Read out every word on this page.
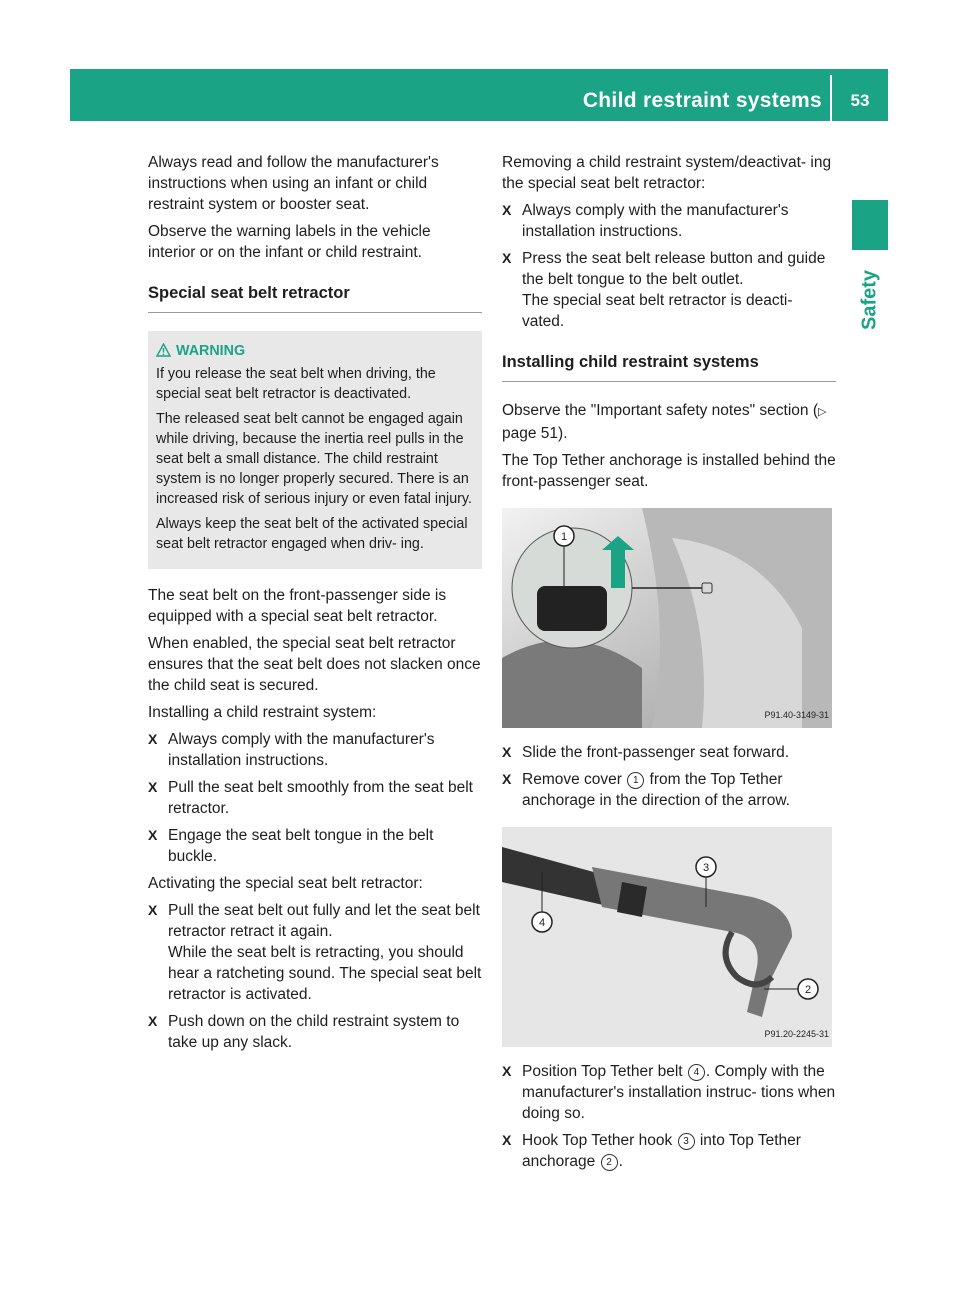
Child restraint systems	53
Safety

Always read and follow the manufacturer's instructions when using an infant or child restraint system or booster seat.

Observe the warning labels in the vehicle interior or on the infant or child restraint.

Special seat belt retractor
WARNING

If you release the seat belt when driving, the special seat belt retractor is deactivated.

The released seat belt cannot be engaged again while driving, because the inertia reel pulls in the seat belt a small distance. The child restraint system is no longer properly secured. There is an increased risk of serious injury or even fatal injury.

Always keep the seat belt of the activated special seat belt retractor engaged when driv- ing.

The seat belt on the front-passenger side is equipped with a special seat belt retractor.

When enabled, the special seat belt retractor ensures that the seat belt does not slacken once the child seat is secured.

Installing a child restraint system:

X Always comply with the manufacturer's installation instructions.
X Pull the seat belt smoothly from the seat belt retractor.
X Engage the seat belt tongue in the belt buckle.

Activating the special seat belt retractor:

X Pull the seat belt out fully and let the seat belt retractor retract it again.
While the seat belt is retracting, you should hear a ratcheting sound. The special seat belt retractor is activated.
X Push down on the child restraint system to take up any slack.

Removing a child restraint system/deactivat- ing the special seat belt retractor:

X Always comply with the manufacturer's installation instructions.
X Press the seat belt release button and guide the belt tongue to the belt outlet.
The special seat belt retractor is deacti- vated.
Installing child restraint systems

Observe the "Important safety notes" section (▷ page 51).

The Top Tether anchorage is installed behind the front-passenger seat.

1
P91.40-3149-31
X Slide the front-passenger seat forward.
X Remove cover 1 from the Top Tether anchorage in the direction of the arrow.
4
3
2
P91.20-2245-31
X Position Top Tether belt 4 . Comply with the manufacturer's installation instruc- tions when doing so.
X Hook Top Tether hook 3 into Top Tether anchorage 2 .
